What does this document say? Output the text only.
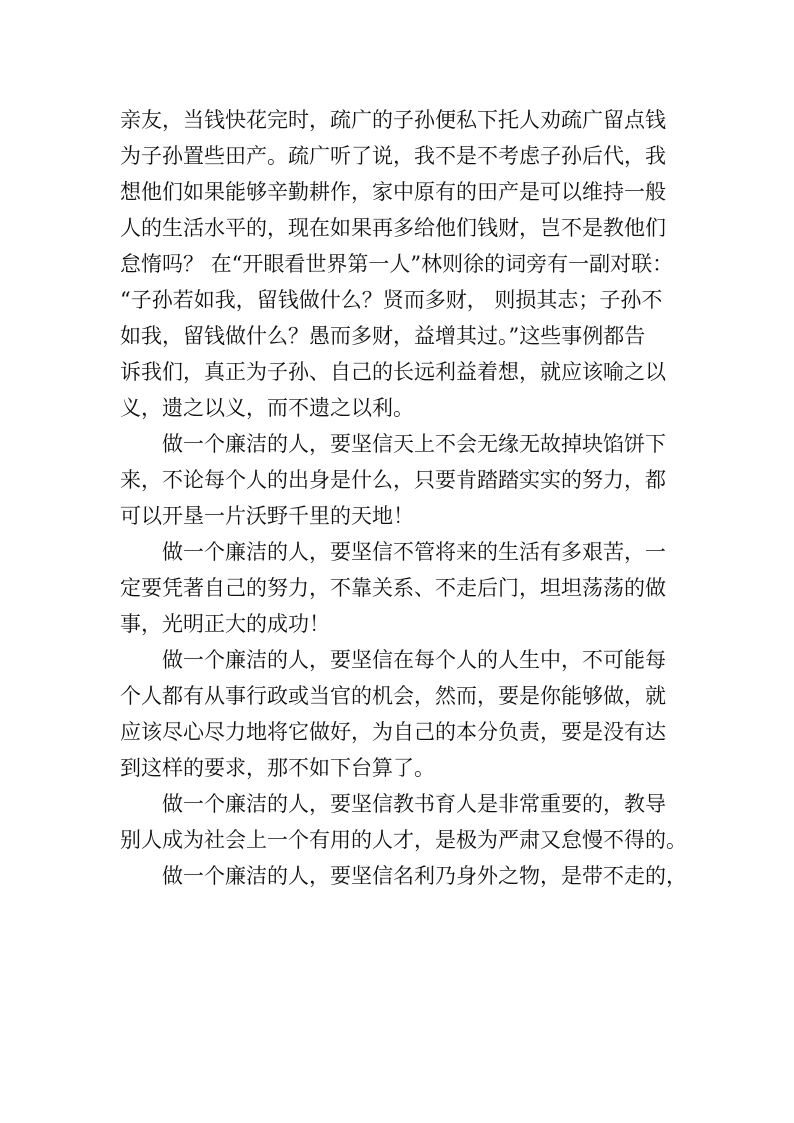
亲友，当钱快花完时，疏广的子孙便私下托人劝疏广留点钱
为子孙置些田产。疏广听了说，我不是不考虑子孙后代，我
想他们如果能够辛勤耕作，家中原有的田产是可以维持一般
人的生活水平的，现在如果再多给他们钱财，岂不是教他们
怠惰吗？ 在“开眼看世界第一人”林则徐的词旁有一副对联：
“子孙若如我，留钱做什么？贤而多财， 则损其志；子孙不
如我，留钱做什么？愚而多财，益增其过。”这些事例都告
诉我们，真正为子孙、自己的长远利益着想，就应该喻之以
义，遗之以义，而不遗之以利。
做一个廉洁的人，要坚信天上不会无缘无故掉块馅饼下
来，不论每个人的出身是什么，只要肯踏踏实实的努力，都
可以开垦一片沃野千里的天地！
做一个廉洁的人，要坚信不管将来的生活有多艰苦，一
定要凭著自己的努力，不靠关系、不走后门，坦坦荡荡的做
事，光明正大的成功！
做一个廉洁的人，要坚信在每个人的人生中，不可能每
个人都有从事行政或当官的机会，然而，要是你能够做，就
应该尽心尽力地将它做好，为自己的本分负责，要是没有达
到这样的要求，那不如下台算了。
做一个廉洁的人，要坚信教书育人是非常重要的，教导
别人成为社会上一个有用的人才，是极为严肃又怠慢不得的。
做一个廉洁的人，要坚信名利乃身外之物，是带不走的，
